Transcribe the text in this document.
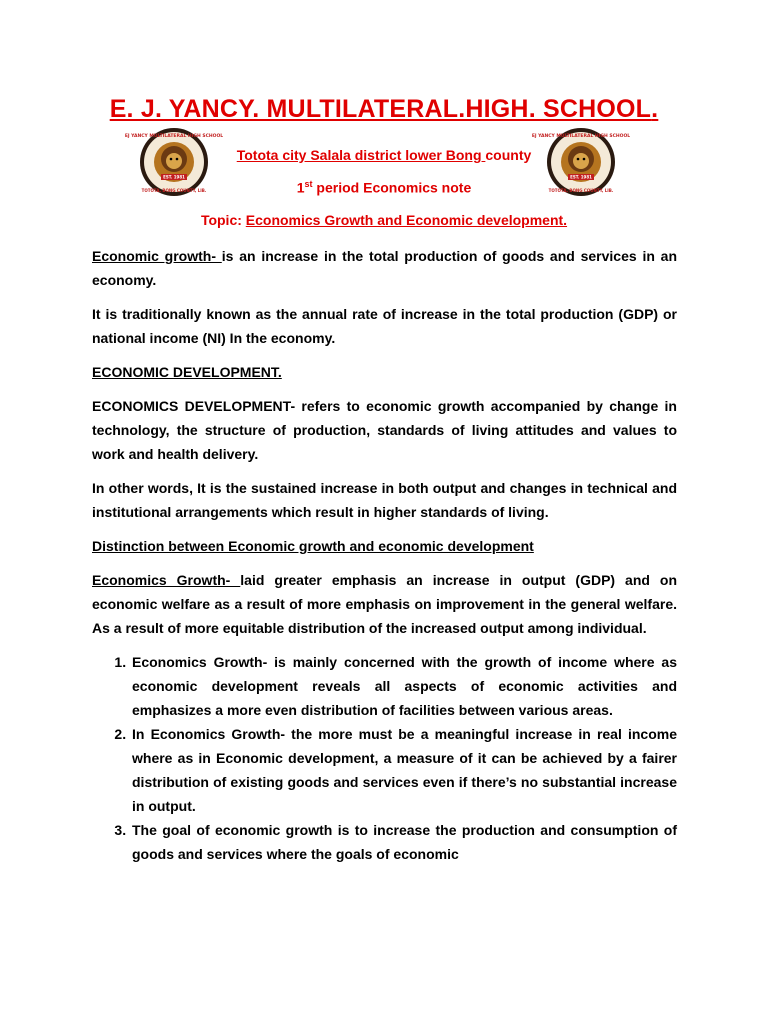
E. J. YANCY. MULTILATERAL.HIGH. SCHOOL.
EJ YANCY MULTILATERAL HIGH SCHOOL
EST. 1981
TOTOTA, BONG COUNTY, LIB.
EJ YANCY MULTILATERAL HIGH SCHOOL
EST. 1981
TOTOTA, BONG COUNTY, LIB.
Totota city Salala district lower Bong county
1st period Economics note
Topic: Economics Growth and Economic development.

Economic growth- is an increase in the total production of goods and services in an economy.

It is traditionally known as the annual rate of increase in the total production (GDP) or national income (NI) In the economy.

ECONOMIC DEVELOPMENT.

ECONOMICS DEVELOPMENT- refers to economic growth accompanied by change in technology, the structure of production, standards of living attitudes and values to work and health delivery.

In other words, It is the sustained increase in both output and changes in technical and institutional arrangements which result in higher standards of living.

Distinction between Economic growth and economic development

Economics Growth- laid greater emphasis an increase in output (GDP) and on economic welfare as a result of more emphasis on improvement in the general welfare. As a result of more equitable distribution of the increased output among individual.

1. Economics Growth- is mainly concerned with the growth of income where as economic development reveals all aspects of economic activities and emphasizes a more even distribution of facilities between various areas.
2. In Economics Growth- the more must be a meaningful increase in real income where as in Economic development, a measure of it can be achieved by a fairer distribution of existing goods and services even if there’s no substantial increase in output.
3. The goal of economic growth is to increase the production and consumption of goods and services where the goals of economic
